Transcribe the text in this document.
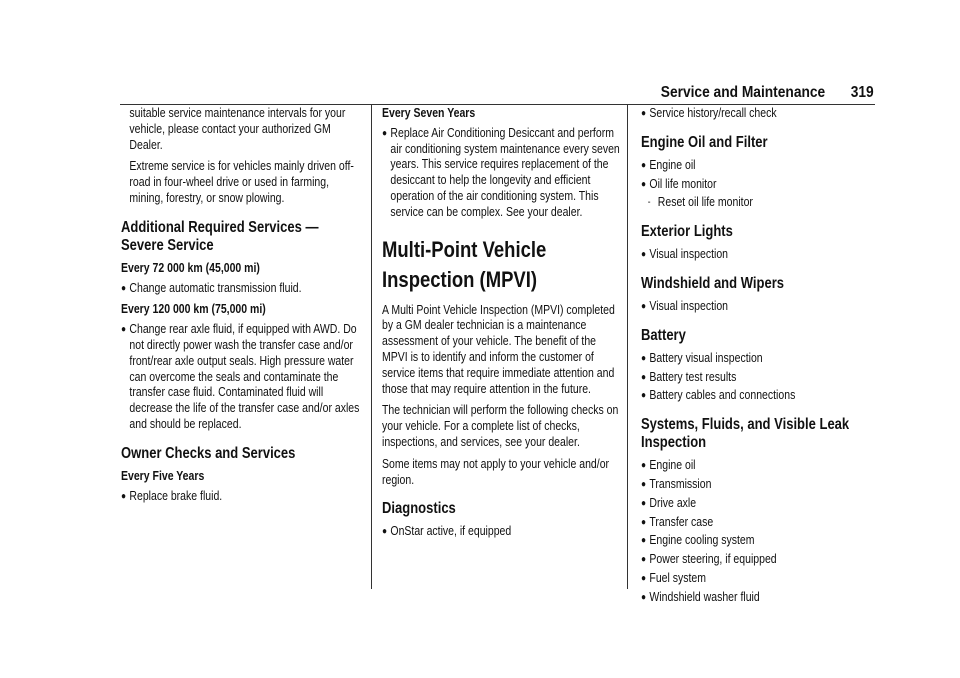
Service and Maintenance 319

suitable service maintenance intervals for your vehicle, please contact your authorized GM Dealer.

Extreme service is for vehicles mainly driven off-road in four-wheel drive or used in farming, mining, forestry, or snow plowing.

Additional Required Services — Severe Service
Every 72 000 km (45,000 mi)
● Change automatic transmission fluid.
Every 120 000 km (75,000 mi)
● Change rear axle fluid, if equipped with AWD. Do not directly power wash the transfer case and/or front/rear axle output seals. High pressure water can overcome the seals and contaminate the transfer case fluid. Contaminated fluid will decrease the life of the transfer case and/or axles and should be replaced.
Owner Checks and Services
Every Five Years
● Replace brake fluid.
Every Seven Years
● Replace Air Conditioning Desiccant and perform air conditioning system maintenance every seven years. This service requires replacement of the desiccant to help the longevity and efficient operation of the air conditioning system. This service can be complex. See your dealer.
Multi-Point Vehicle Inspection (MPVI)

A Multi Point Vehicle Inspection (MPVI) completed by a GM dealer technician is a maintenance assessment of your vehicle. The benefit of the MPVI is to identify and inform the customer of service items that require immediate attention and those that may require attention in the future.

The technician will perform the following checks on your vehicle. For a complete list of checks, inspections, and services, see your dealer.

Some items may not apply to your vehicle and/or region.

Diagnostics
● OnStar active, if equipped
● Service history/recall check
Engine Oil and Filter
● Engine oil
● Oil life monitor
- Reset oil life monitor
Exterior Lights
● Visual inspection
Windshield and Wipers
● Visual inspection
Battery
● Battery visual inspection
● Battery test results
● Battery cables and connections
Systems, Fluids, and Visible Leak Inspection
● Engine oil
● Transmission
● Drive axle
● Transfer case
● Engine cooling system
● Power steering, if equipped
● Fuel system
● Windshield washer fluid
